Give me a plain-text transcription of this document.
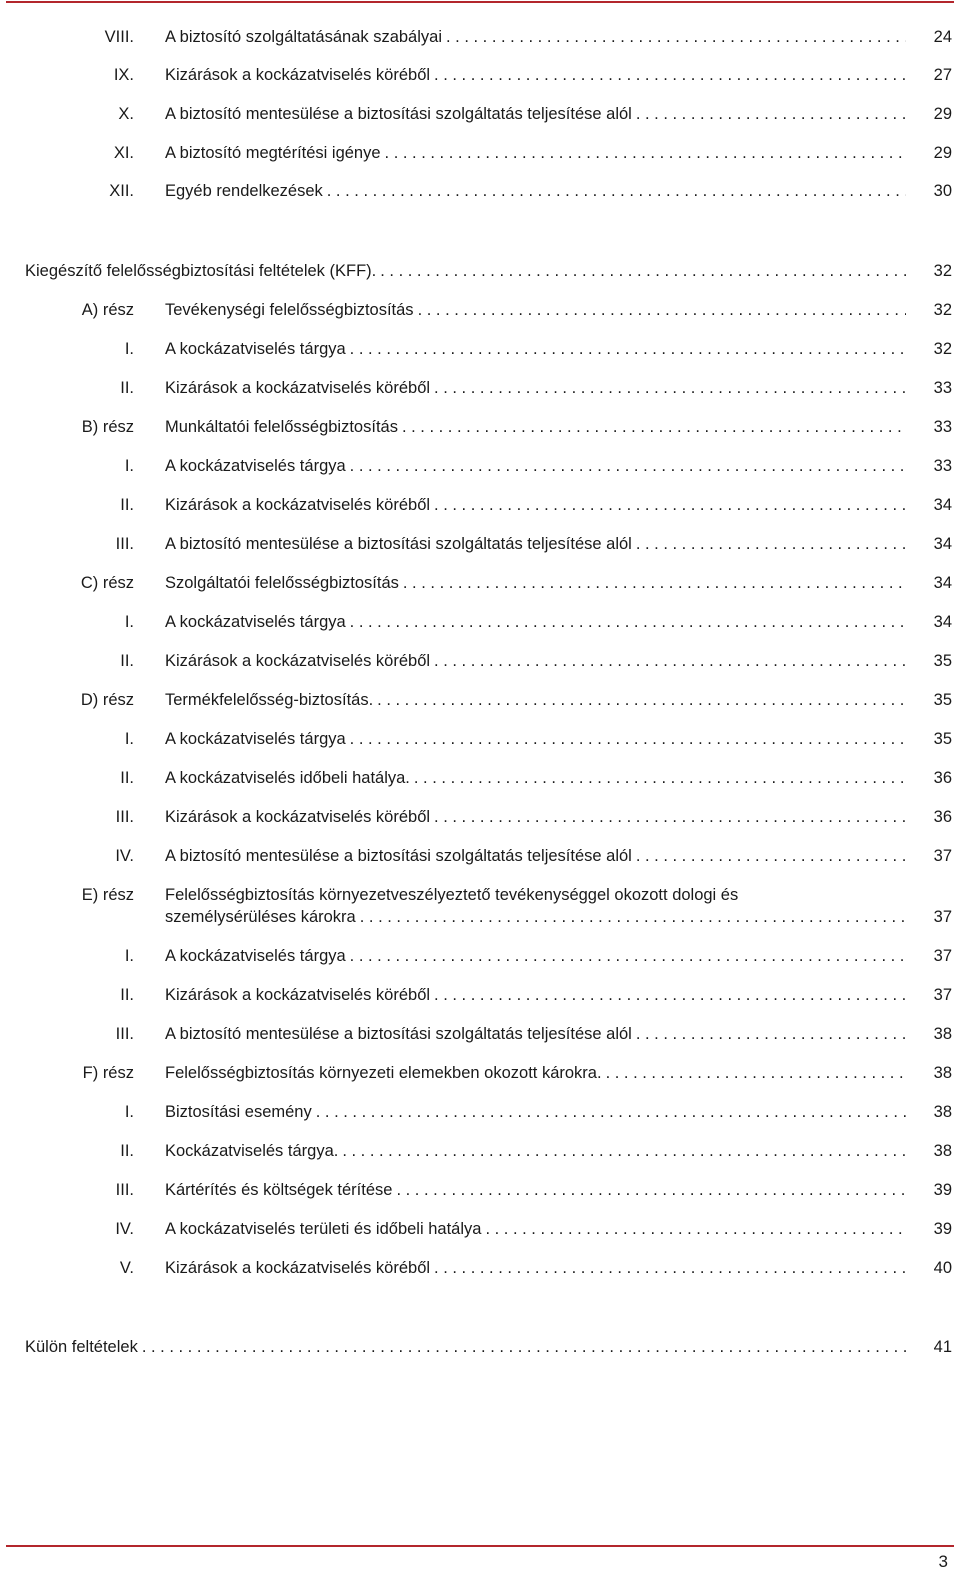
VIII. A biztosító szolgáltatásának szabályai . . .	24
IX. Kizárások a kockázatviselés köréből . . .	27
X. A biztosító mentesülése a biztosítási szolgáltatás teljesítése alól . . .	29
XI. A biztosító megtérítési igénye . . .	29
XII. Egyéb rendelkezések . . .	30
Kiegészítő felelősségbiztosítási feltételek (KFF). . . .	32
A) rész Tevékenységi felelősségbiztosítás . . .	32
I. A kockázatviselés tárgya . . .	32
II. Kizárások a kockázatviselés köréből . . .	33
B) rész Munkáltatói felelősségbiztosítás . . .	33
I. A kockázatviselés tárgya . . .	33
II. Kizárások a kockázatviselés köréből . . .	34
III. A biztosító mentesülése a biztosítási szolgáltatás teljesítése alól . . .	34
C) rész Szolgáltatói felelősségbiztosítás . . .	34
I. A kockázatviselés tárgya . . .	34
II. Kizárások a kockázatviselés köréből . . .	35
D) rész Termékfelelősség-biztosítás. . . .	35
I. A kockázatviselés tárgya . . .	35
II. A kockázatviselés időbeli hatálya. . . .	36
III. Kizárások a kockázatviselés köréből . . .	36
IV. A biztosító mentesülése a biztosítási szolgáltatás teljesítése alól . . .	37
E) rész Felelősségbiztosítás környezetveszélyeztető tevékenységgel okozott dologi és
személysérüléses károkra . . .	37
I. A kockázatviselés tárgya . . .	37
II. Kizárások a kockázatviselés köréből . . .	37
III. A biztosító mentesülése a biztosítási szolgáltatás teljesítése alól . . .	38
F) rész Felelősségbiztosítás környezeti elemekben okozott károkra. . . .	38
I. Biztosítási esemény . . .	38
II. Kockázatviselés tárgya. . . .	38
III. Kártérítés és költségek térítése . . .	39
IV. A kockázatviselés területi és időbeli hatálya . . .	39
V. Kizárások a kockázatviselés köréből . . .	40
Külön feltételek . . .	41
3
